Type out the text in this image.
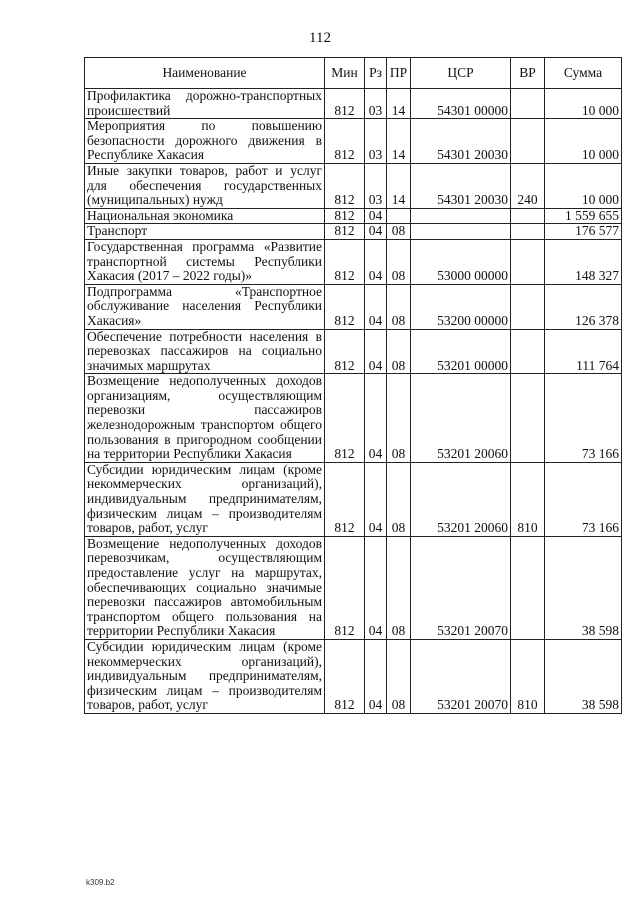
112
Наименование	Мин	Рз	ПР	ЦСР	ВР	Сумма
Профилактика дорожно-транспортных происшествий	812	03	14	54301 00000		10 000
Мероприятия по повышению безопасности дорожного движения в Республике Хакасия	812	03	14	54301 20030		10 000
Иные закупки товаров, работ и услуг для обеспечения государственных (муниципальных) нужд	812	03	14	54301 20030	240	10 000
Национальная экономика	812	04				1 559 655
Транспорт	812	04	08			176 577
Государственная программа «Развитие транспортной системы Республики Хакасия (2017 – 2022 годы)»	812	04	08	53000 00000		148 327
Подпрограмма «Транспортное обслуживание населения Республики Хакасия»	812	04	08	53200 00000		126 378
Обеспечение потребности населения в перевозках пассажиров на социально значимых маршрутах	812	04	08	53201 00000		111 764
Возмещение недополученных доходов организациям, осуществляющим перевозки пассажиров железнодорожным транспортом общего пользования в пригородном сообщении на территории Республики Хакасия	812	04	08	53201 20060		73 166
Субсидии юридическим лицам (кроме некоммерческих организаций), индивидуальным предпринимателям, физическим лицам – производителям товаров, работ, услуг	812	04	08	53201 20060	810	73 166
Возмещение недополученных доходов перевозчикам, осуществляющим предоставление услуг на маршрутах, обеспечивающих социально значимые перевозки пассажиров автомобильным транспортом общего пользования на территории Республики Хакасия	812	04	08	53201 20070		38 598
Субсидии юридическим лицам (кроме некоммерческих организаций), индивидуальным предпринимателям, физическим лицам – производителям товаров, работ, услуг	812	04	08	53201 20070	810	38 598
k309.b2
